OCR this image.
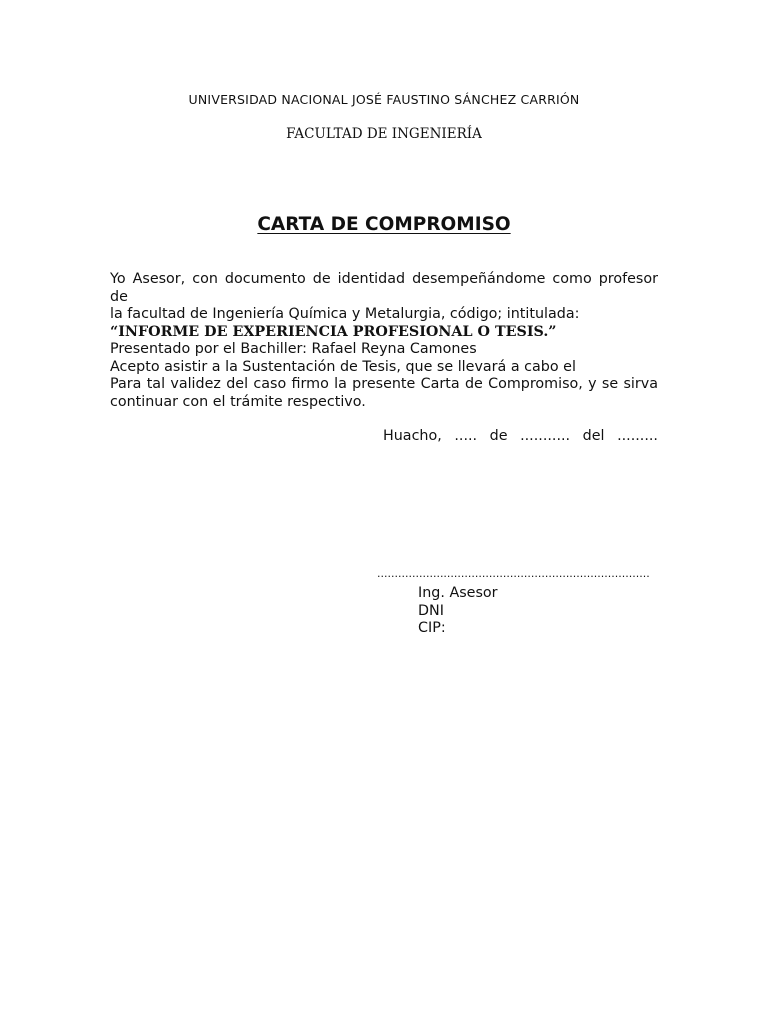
UNIVERSIDAD NACIONAL JOSÉ FAUSTINO SÁNCHEZ CARRIÓN
FACULTAD DE INGENIERÍA
CARTA DE COMPROMISO
Yo Asesor, con documento de identidad desempeñándome como profesor de
la facultad de Ingeniería Química y Metalurgia, código; intitulada:
“INFORME DE EXPERIENCIA PROFESIONAL O TESIS.”
Presentado por el Bachiller: Rafael Reyna Camones
Acepto asistir a la Sustentación de Tesis, que se llevará a cabo el
Para tal validez del caso firmo la presente Carta de Compromiso, y se sirva
continuar con el trámite respectivo.
Huacho, ..... de ........... del .........
..............................................................................
Ing. Asesor
DNI
CIP:
